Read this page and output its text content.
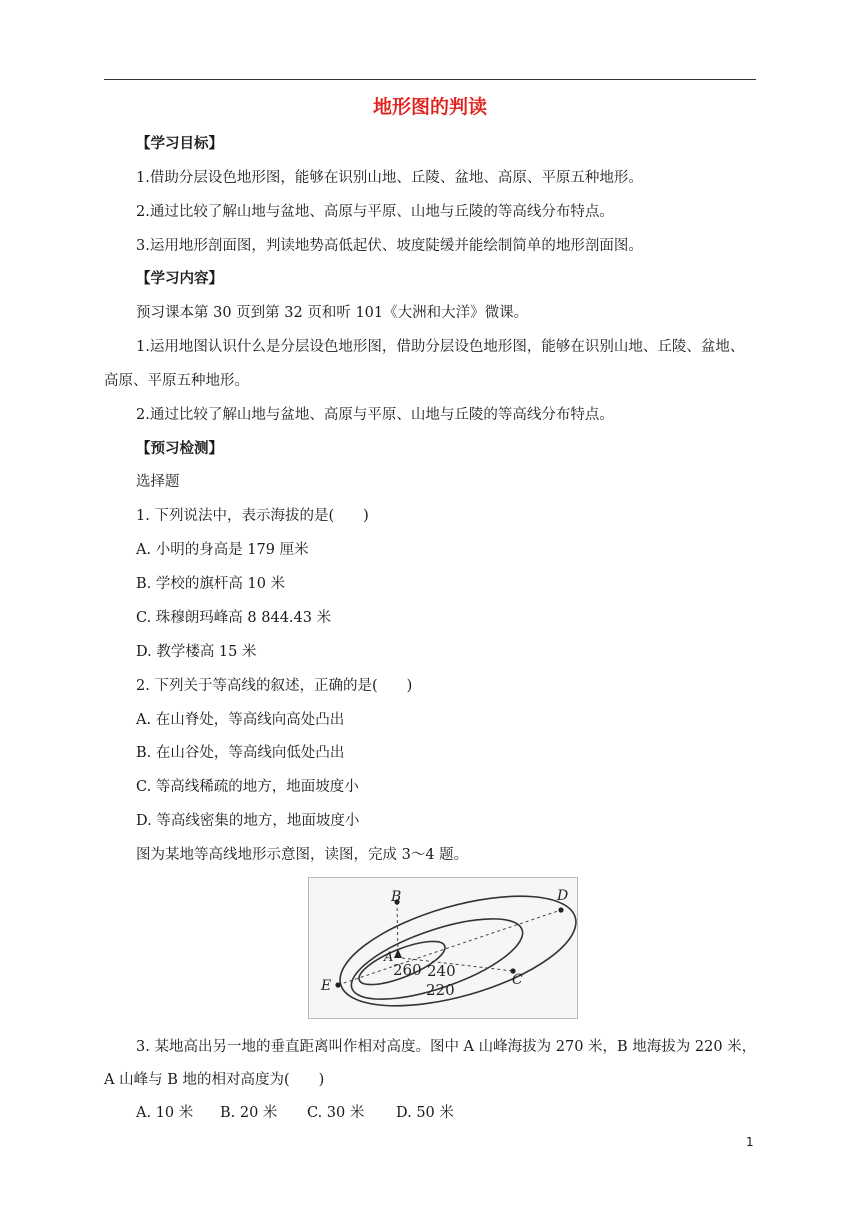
地形图的判读
【学习目标】
1.借助分层设色地形图，能够在识别山地、丘陵、盆地、高原、平原五种地形。
2.通过比较了解山地与盆地、高原与平原、山地与丘陵的等高线分布特点。
3.运用地形剖面图，判读地势高低起伏、坡度陡缓并能绘制简单的地形剖面图。
【学习内容】
预习课本第 30 页到第 32 页和听 101《大洲和大洋》微课。
1.运用地图认识什么是分层设色地形图，借助分层设色地形图，能够在识别山地、丘陵、盆地、
高原、平原五种地形。
2.通过比较了解山地与盆地、高原与平原、山地与丘陵的等高线分布特点。
【预习检测】
选择题
1. 下列说法中，表示海拔的是(　　)
A. 小明的身高是 179 厘米
B. 学校的旗杆高 10 米
C. 珠穆朗玛峰高 8 844.43 米
D. 教学楼高 15 米
2. 下列关于等高线的叙述，正确的是(　　)
A. 在山脊处，等高线向高处凸出
B. 在山谷处，等高线向低处凸出
C. 等高线稀疏的地方，地面坡度小
D. 等高线密集的地方，地面坡度小
图为某地等高线地形示意图，读图，完成 3～4 题。
B	D
C
E
A
260 240
220
3. 某地高出另一地的垂直距离叫作相对高度。图中 A 山峰海拔为 270 米，B 地海拔为 220 米，
A 山峰与 B 地的相对高度为(　　)
A. 10 米 B. 20 米 C. 30 米 D. 50 米
1
